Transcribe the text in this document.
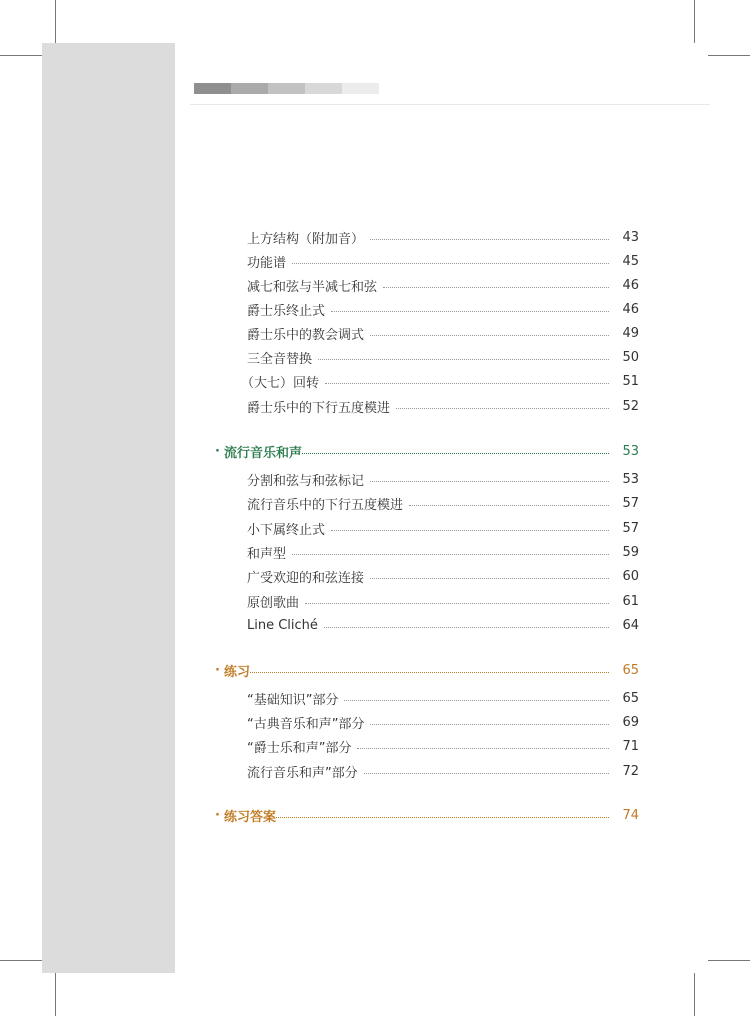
上方结构（附加音）	43
功能谱	45
减七和弦与半减七和弦	46
爵士乐终止式	46
爵士乐中的教会调式	49
三全音替换	50
（大七）回转	51
爵士乐中的下行五度模进	52
· 流行音乐和声	53
分割和弦与和弦标记	53
流行音乐中的下行五度模进	57
小下属终止式	57
和声型	59
广受欢迎的和弦连接	60
原创歌曲	61
Line Cliché	64
· 练习	65
“基础知识”部分	65
“古典音乐和声”部分	69
“爵士乐和声”部分	71
流行音乐和声”部分	72
· 练习答案	74
